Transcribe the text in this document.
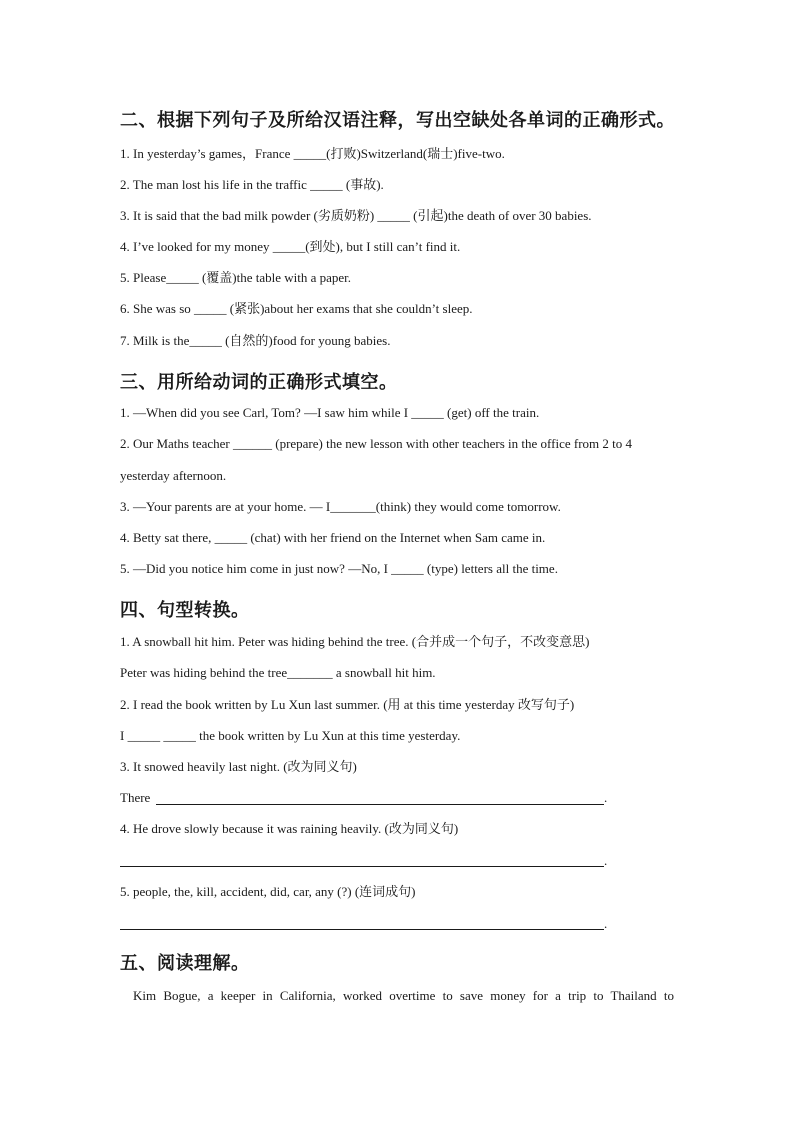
二、根据下列句子及所给汉语注释，写出空缺处各单词的正确形式。
1. In yesterday’s games，France _____(打败)Switzerland(瑞士)five-two.
2. The man lost his life in the traffic _____ (事故).
3. It is said that the bad milk powder (劣质奶粉) _____ (引起)the death of over 30 babies.
4. I’ve looked for my money _____(到处), but I still can’t find it.
5. Please_____ (覆盖)the table with a paper.
6. She was so _____ (紧张)about her exams that she couldn’t sleep.
7. Milk is the_____ (自然的)food for young babies.
三、用所给动词的正确形式填空。
1. —When did you see Carl, Tom? —I saw him while I _____ (get) off the train.
2. Our Maths teacher ______ (prepare) the new lesson with other teachers in the office from 2 to 4
yesterday afternoon.
3. —Your parents are at your home. — I_______(think) they would come tomorrow.
4. Betty sat there, _____ (chat) with her friend on the Internet when Sam came in.
5. —Did you notice him come in just now? —No, I _____ (type) letters all the time.
四、句型转换。
1. A snowball hit him. Peter was hiding behind the tree. (合并成一个句子，不改变意思)
Peter was hiding behind the tree_______ a snowball hit him.
2. I read the book written by Lu Xun last summer. (用 at this time yesterday 改写句子)
I _____ _____ the book written by Lu Xun at this time yesterday.
3. It snowed heavily last night. (改为同义句)
There	.
4. He drove slowly because it was raining heavily. (改为同义句)
.
5. people, the, kill, accident, did, car, any (?) (连词成句)
.
五、阅读理解。
Kim Bogue, a keeper in California, worked overtime to save money for a trip to Thailand to
